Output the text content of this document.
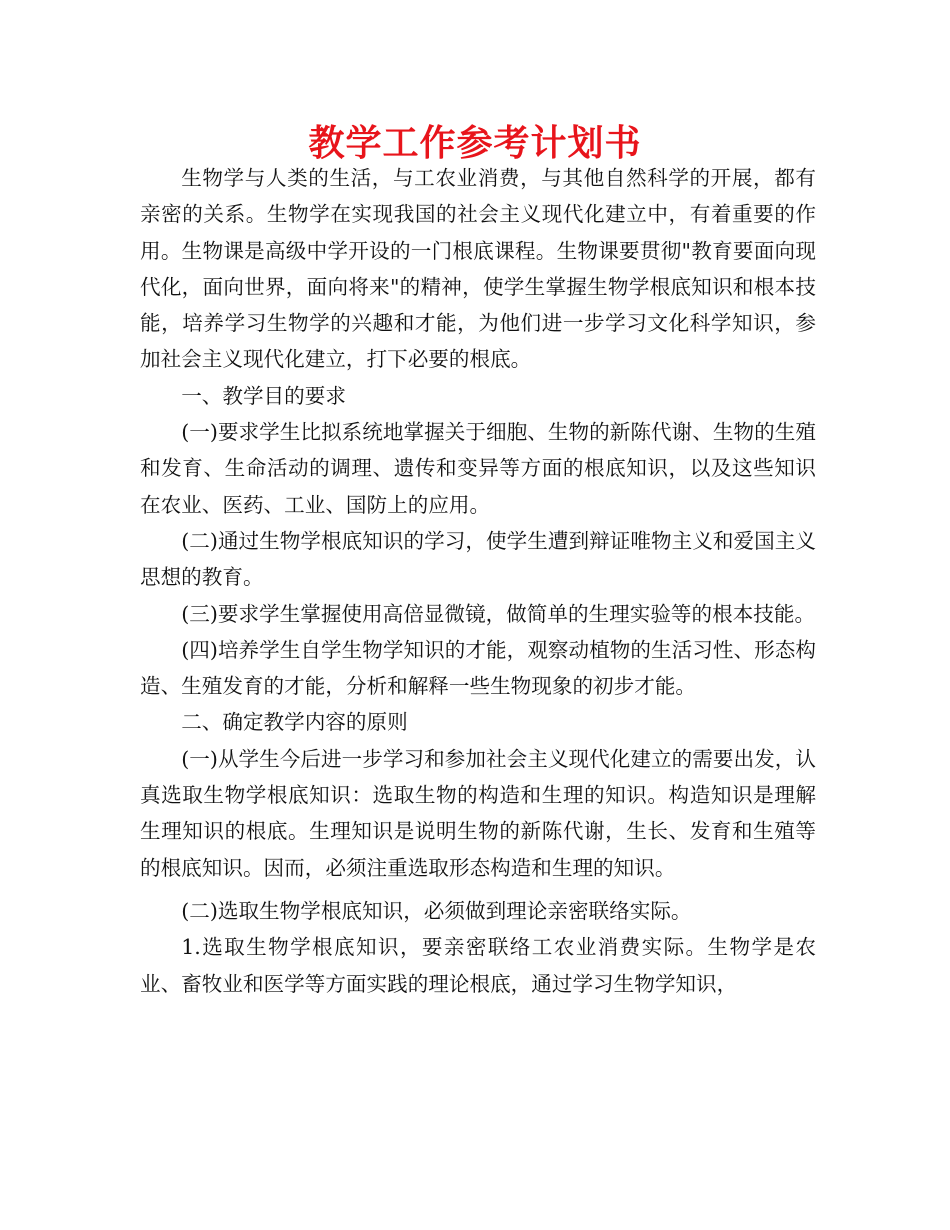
教学工作参考计划书

生物学与人类的生活，与工农业消费，与其他自然科学的开展，都有亲密的关系。生物学在实现我国的社会主义现代化建立中，有着重要的作用。生物课是高级中学开设的一门根底课程。生物课要贯彻"教育要面向现代化，面向世界，面向将来"的精神，使学生掌握生物学根底知识和根本技能，培养学习生物学的兴趣和才能，为他们进一步学习文化科学知识，参加社会主义现代化建立，打下必要的根底。

一、教学目的要求

(一)要求学生比拟系统地掌握关于细胞、生物的新陈代谢、生物的生殖和发育、生命活动的调理、遗传和变异等方面的根底知识，以及这些知识在农业、医药、工业、国防上的应用。

(二)通过生物学根底知识的学习，使学生遭到辩证唯物主义和爱国主义思想的教育。

(三)要求学生掌握使用高倍显微镜，做简单的生理实验等的根本技能。

(四)培养学生自学生物学知识的才能，观察动植物的生活习性、形态构造、生殖发育的才能，分析和解释一些生物现象的初步才能。

二、确定教学内容的原则

(一)从学生今后进一步学习和参加社会主义现代化建立的需要出发，认真选取生物学根底知识：选取生物的构造和生理的知识。构造知识是理解生理知识的根底。生理知识是说明生物的新陈代谢，生长、发育和生殖等的根底知识。因而，必须注重选取形态构造和生理的知识。

(二)选取生物学根底知识，必须做到理论亲密联络实际。

1.选取生物学根底知识，要亲密联络工农业消费实际。生物学是农业、畜牧业和医学等方面实践的理论根底，通过学习生物学知识，
